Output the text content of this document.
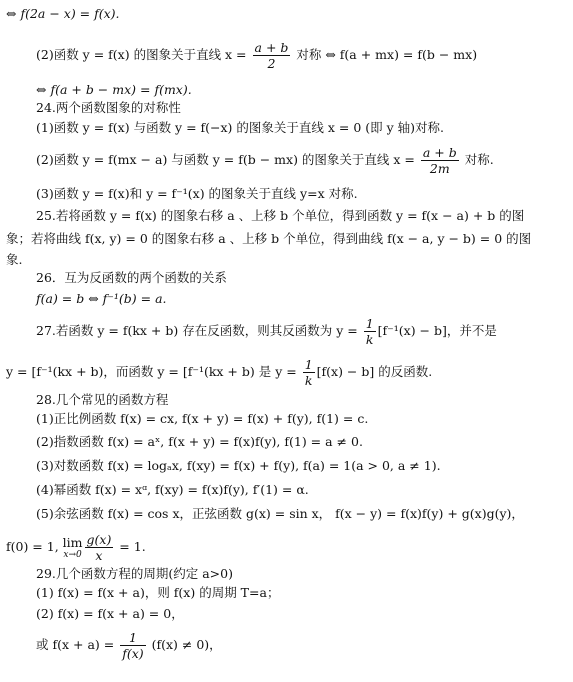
⇔ f(2a − x) = f(x).
(2)函数 y = f(x) 的图象关于直线 $x = \frac{a + b}{2}$ 对称 ⇔ f(a + mx) = f(b − mx)
⇔ f(a + b − mx) = f(mx).
24.两个函数图象的对称性
(1)函数 y = f(x) 与函数 y = f(−x) 的图象关于直线 x = 0 (即 y 轴)对称.
(2)函数 y = f(mx − a) 与函数 y = f(b − mx) 的图象关于直线 $x = \frac{a + b}{2m}$ 对称.
(3)函数 y = f(x)和 y = f⁻¹(x) 的图象关于直线 y=x 对称.
25.若将函数 y = f(x) 的图象右移 a 、上移 b 个单位，得到函数 y = f(x − a) + b 的图
象；若将曲线 f(x, y) = 0 的图象右移 a 、上移 b 个单位，得到曲线 f(x − a, y − b) = 0 的图
象.
26．互为反函数的两个函数的关系
f(a) = b ⇔ f⁻¹(b) = a.
27.若函数 y = f(kx + b) 存在反函数，则其反函数为 $y = \frac{1}{k} [f^{-1}(x) - b]$，并不是
y = [f⁻¹(kx + b)，而函数 y = [f⁻¹(kx + b) 是 $y = \frac{1}{k} [f(x) - b]$ 的反函数.
28.几个常见的函数方程
(1)正比例函数 f(x) = cx, f(x + y) = f(x) + f(y), f(1) = c.
(2)指数函数 f(x) = aˣ, f(x + y) = f(x)f(y), f(1) = a ≠ 0.
(3)对数函数 f(x) = logₐx, f(xy) = f(x) + f(y), f(a) = 1(a > 0, a ≠ 1).
(4)幂函数 f(x) = xᵅ, f(xy) = f(x)f(y), f′(1) = α.
(5)余弦函数 f(x) = cos x，正弦函数 g(x) = sin x， f(x − y) = f(x)f(y) + g(x)g(y)，
f(0) = 1, lim
$x\to 0 \frac{g(x)}{x} = 1$.
29.几个函数方程的周期(约定 a>0)
(1) f(x) = f(x + a)，则 f(x) 的周期 T=a；
(2) f(x) = f(x + a) = 0，
或 $f(x + a) = \frac{1}{f(x)} (f(x) \ne 0)$，
